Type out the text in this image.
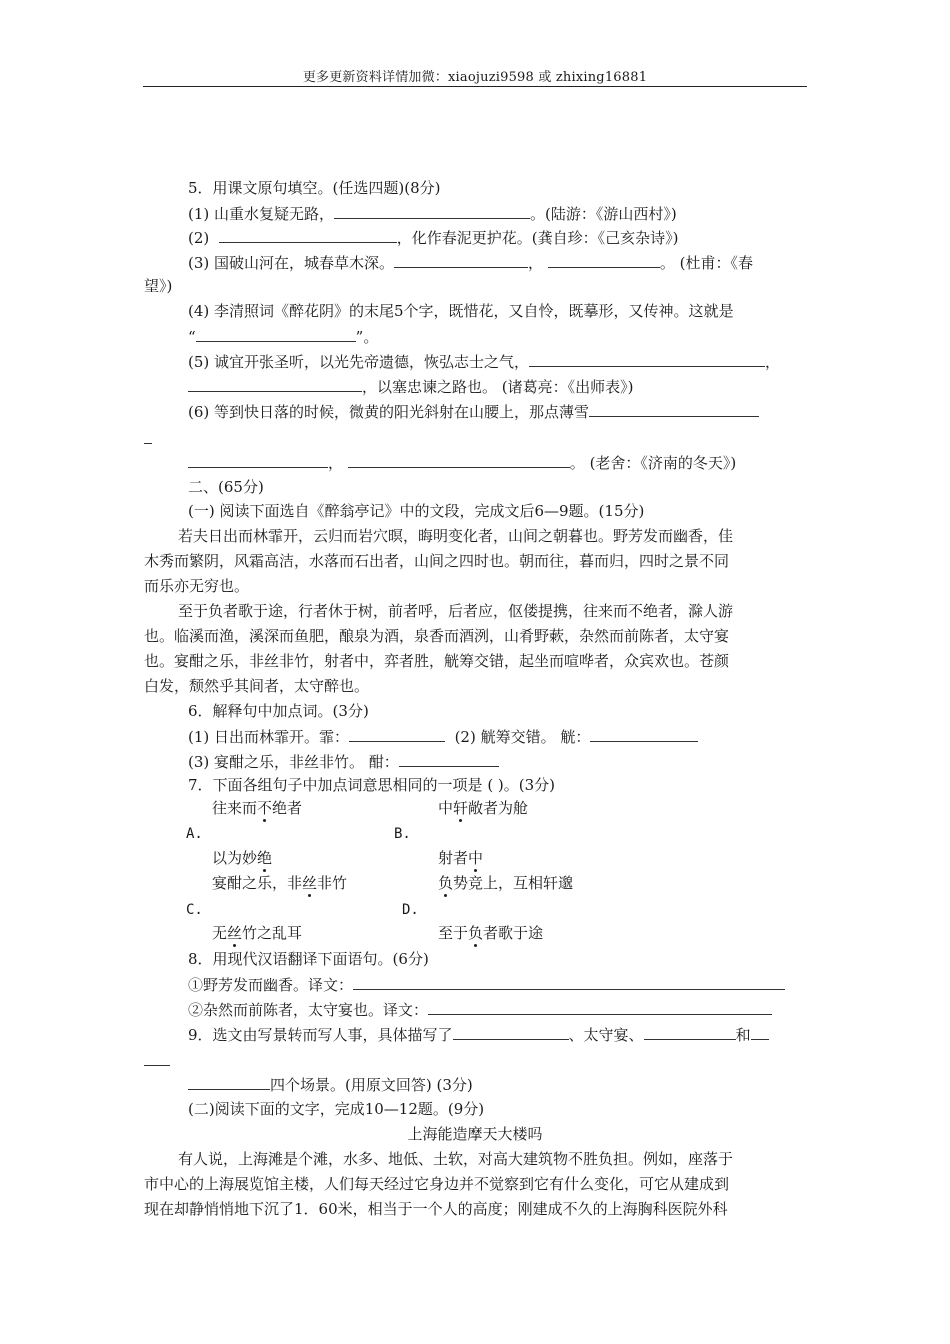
更多更新资料详情加微：xiaojuzi9598 或 zhixing16881
5．用课文原句填空。(任选四题)(8分)
(1) 山重水复疑无路，	。(陆游：《游山西村》)
(2)	，化作春泥更护花。(龚自珍：《己亥杂诗》)
(3) 国破山河在，城春草木深。	，	。 (杜甫：《春
望》)
(4) 李清照词《醉花阴》的末尾5个字，既惜花，又自怜，既摹形，又传神。这就是
“	”。
(5) 诚宜开张圣听，以光先帝遗德，恢弘志士之气，	，
，以塞忠谏之路也。 (诸葛亮：《出师表》)
(6) 等到快日落的时候，微黄的阳光斜射在山腰上，那点薄雪
，	。 (老舍：《济南的冬天》)
二、(65分)
(一) 阅读下面选自《醉翁亭记》中的文段，完成文后6—9题。(15分)
若夫日出而林霏开，云归而岩穴暝，晦明变化者，山间之朝暮也。野芳发而幽香，佳
木秀而繁阴，风霜高洁，水落而石出者，山间之四时也。朝而往，暮而归，四时之景不同
而乐亦无穷也。
至于负者歌于途，行者休于树，前者呼，后者应，伛偻提携，往来而不绝者，滁人游
也。临溪而渔，溪深而鱼肥，酿泉为酒，泉香而酒洌，山肴野蔌，杂然而前陈者，太守宴
也。宴酣之乐，非丝非竹，射者中，弈者胜，觥筹交错，起坐而喧哗者，众宾欢也。苍颜
白发，颓然乎其间者，太守醉也。
6．解释句中加点词。(3分)
(1) 日出而林霏开。霏：	(2) 觥筹交错。 觥：
(3) 宴酣之乐，非丝非竹。 酣：
7．下面各组句子中加点词意思相同的一项是 ( )。(3分)
往来而不绝者	中轩敞者为舱
A.	B.
以为妙绝	射者中
宴酣之乐，非丝非竹	负势竞上，互相轩邈
C.	D.
无丝竹之乱耳	至于负者歌于途
8．用现代汉语翻译下面语句。(6分)
①野芳发而幽香。译文：
②杂然而前陈者，太守宴也。译文：
9．选文由写景转而写人事，具体描写了	、太守宴、	和
四个场景。(用原文回答) (3分)
(二)阅读下面的文字，完成10—12题。(9分)
上海能造摩天大楼吗
有人说，上海滩是个滩，水多、地低、土软，对高大建筑物不胜负担。例如，座落于
市中心的上海展览馆主楼，人们每天经过它身边并不觉察到它有什么变化，可它从建成到
现在却静悄悄地下沉了1．60米，相当于一个人的高度；刚建成不久的上海胸科医院外科
